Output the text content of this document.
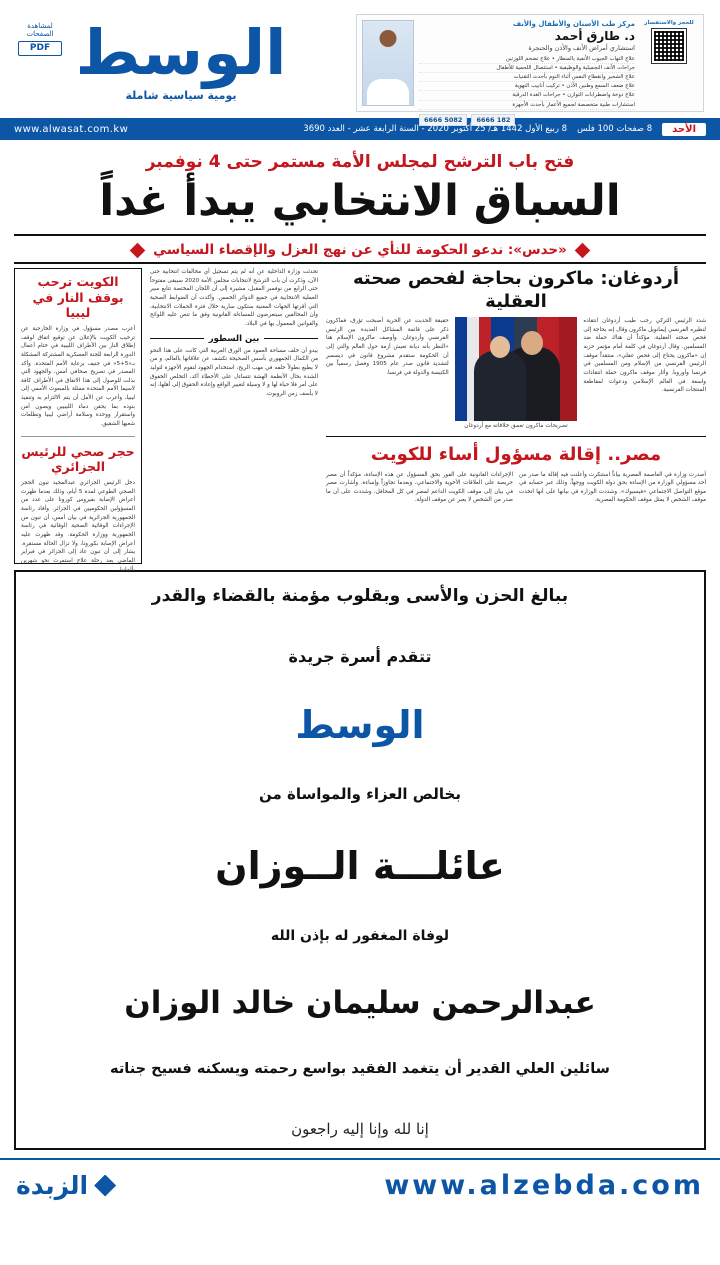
الوسط
يومية سياسية شاملة
لمشاهدة الصفحات
PDF
مركز طب الأسنان والأطفال والأنف
د. طارق أحمد
استشاري أمراض الأنف والأذن والحنجرة
علاج التهاب الجيوب الأنفية بالمنظار • علاج تضخم اللوزتين
جراحات الأنف التجميلية والوظيفية • استئصال اللحمية للأطفال
علاج الشخير وانقطاع النفس أثناء النوم بأحدث التقنيات
علاج ضعف السمع وطنين الأذن • تركيب أنابيب التهوية
علاج دوخة واضطرابات التوازن • جراحات الغدة الدرقية
استشارات طبية متخصصة لجميع الأعمار بأحدث الأجهزة
5082 6666	182 6666
للحجز والاستفسار
www.alwasat.com.kw	8 ربيع الأول 1442 هـ/ 25 أكتوبر 2020 - السنة الرابعة عشر - العدد 3690 8 صفحات 100 فلس	الأحد
فتح باب الترشح لمجلس الأمة مستمر حتى 4 نوفمبر
السباق الانتخابي يبدأ غداً
«حدس»: ندعو الحكومة للنأي عن نهج العزل والإقصاء السياسي
الكويت ترحب بوقف النار في ليبيا
أعرب مصدر مسؤول في وزارة الخارجية عن ترحيب الكويت بالإعلان عن توقيع اتفاق لوقف إطلاق النار بين الأطراف الليبية في ختام أعمال الدورة الرابعة للجنة العسكرية المشتركة المشكلة بـ«5+5» في جنيف برعاية الأمم المتحدة. وأكد المصدر في تصريح صحافي أمس، والجهود التي بذلت للوصول إلى هذا الاتفاق في الأطراف كافة لاسيما الأمم المتحدة ممثلة بالمبعوث الأممي إلى ليبيا، وأعرب عن الأمل أن يتم الالتزام به وتنفيذ بنوده بما يحقن دماء الليبيين ويصون أمن واستقرار ووحدة وسلامة أراضي ليبيا وتطلعات شعبها الشقيق.
حجر صحي للرئيس الجزائري
دخل الرئيس الجزائري عبدالمجيد تبون الحجر الصحي الطوعي لمدة 5 أيام، وذلك بعدما ظهرت أعراض الإصابة بفيروس كورونا على عدد من المسؤولين الحكوميين في الجزائر. وأفاد رئاسة الجمهورية الجزائرية في بيان أمس، أن تبون من الإجراءات الوقائية الصحية الوقائية في رئاسة الجمهورية ووزارة الحكومة. وقد ظهرت عليه أعراض الإصابة بكورونا، ولا تزال الحالة مستقرة. يشار إلى أن تبون عاد إلى الجزائر في فبراير الماضي بعد رحلة علاج استمرت نحو شهرين بألمانيا.
تحدثت وزارة الداخلية عن أنه لم يتم تسجيل أي مخالفات انتخابية حتى الآن، وذكرت أن باب الترشح لانتخابات مجلس الأمة 2020 سيبقى مفتوحاً حتى الرابع من نوفمبر المقبل، مشيرة إلى أن اللجان المختصة تتابع سير العملية الانتخابية في جميع الدوائر الخمس. وأكدت أن الضوابط الصحية التي أقرتها الجهات المعنية ستكون سارية خلال فترة الحملات الانتخابية، وأن المخالفين سيتعرضون للمساءلة القانونية وفق ما تنص عليه اللوائح والقوانين المعمول بها في البلاد.
بين السطور
يبدو أن خلف مساحة العمود من الورق العربية التي كانت على هذا النحو من الكمال الجمهوري بأسس الصحيحة تكشف عن علاقاتها بالعالم، و من لا يطيع بطولاً خلفه في مهب الريح، استخدام الجهود لتقوم الأجهزة لتوليد الشدة بحال الأنظمة الهشة تتساءل على الأخطاء أكد، التخلص الخفوق على أمر فلا حياة لها و لا وسيلة لتغيير الواقع وإعادة الحقوق إلى أهلها، إنه لا يأسف زمن الروبوت.
أردوغان: ماكرون بحاجة لفحص صحته العقلية
حقيقة الحديث عن الحرية أصبحت تؤرق، فماكرون ذكر على قائمة المشاكل العديدة بين الرئيس الفرنسي وأردوغان. وأوصف ماكرون الإسلام هنا «النظر بأنه ديانة تعيش أزمة حول العالم والتي إلى أن الحكومة ستقدم مشروع قانون في ديسمبر لتشديد قانون صدر عام 1905 وفصل رسمياً بين الكنيسة والدولة في فرنسا.
★
تصريحات ماكرون تعمق خلافاته مع أردوغان
شدد الرئيس التركي رجب طيب أردوغان انتقاده لنظيره الفرنسي إيمانويل ماكرون وقال إنه بحاجة إلى فحص صحته العقلية، مؤكداً أن هناك حملة ضد المسلمين. وقال أردوغان في كلمة أمام مؤتمر حزبه إن «ماكرون يحتاج إلى فحص عقلي»، منتقداً موقف الرئيس الفرنسي من الإسلام ومن المسلمين في فرنسا وأوروبا. وأثار موقف ماكرون حملة انتقادات واسعة في العالم الإسلامي ودعوات لمقاطعة المنتجات الفرنسية.
مصر.. إقالة مسؤول أساء للكويت
الإجراءات القانونية على الفور بحق المسؤول عن هذه الإساءة، مؤكداً أن مصر حريصة على العلاقات الأخوية والاجتماعي، وبعدما تجاوزاً وإساءة. وأشارت مصر في بيان إلى موقف الكويت الداعم لمصر في كل المحافل، وشددت على أن ما صدر من الشخص لا يعبر عن موقف الدولة.
أصدرت وزارة في العاصمة المصرية بياناً استنكرت وأعلنت فيه إقالة ما صدر من أحد مسؤولي الوزارة من الإساءة بحق دولة الكويت ووجهاً، وذلك عبر حسابه في موقع التواصل الاجتماعي «فيسبوك». وشددت الوزارة في بيانها على أنها اتخذت موقف الشخص لا يمثل موقف الحكومة المصرية.
ببالغ الحزن والأسى وبقلوب مؤمنة بالقضاء والقدر
تتقدم أسرة جريدة
الوسط
بخالص العزاء والمواساة من
عائلـــة الــوزان
لوفاة المغفور له بإذن الله
عبدالرحمن سليمان خالد الوزان
سائلين العلي القدير أن يتغمد الفقيد بواسع رحمته ويسكنه فسيح جناته
إنا لله وإنا إليه راجعون
الزبدة	www.alzebda.com
